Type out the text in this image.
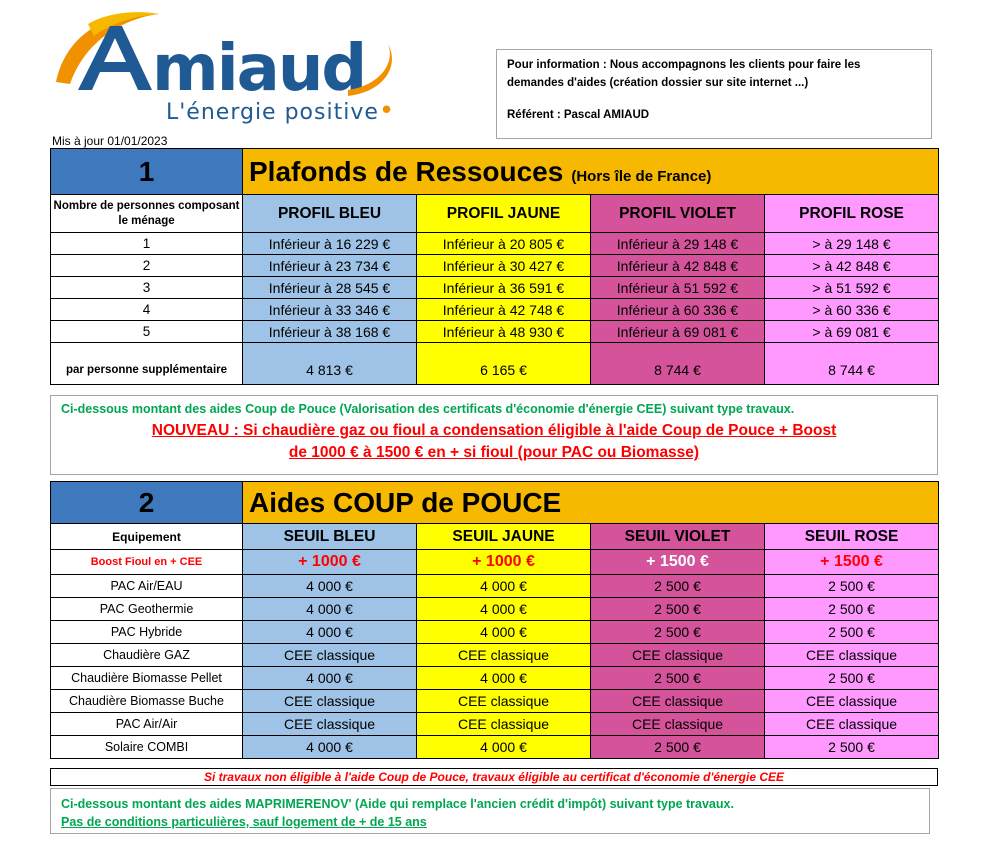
miaud
L'énergie positive•
Mis à jour 01/01/2023
Pour information : Nous accompagnons les clients pour faire les
demandes d'aides (création dossier sur site internet ...)
Référent : Pascal AMIAUD
1	Plafonds de Ressouces (Hors île de France)			
Nombre de personnes composant le ménage	PROFIL BLEU	PROFIL JAUNE	PROFIL VIOLET	PROFIL ROSE
1	Inférieur à 16 229 €	Inférieur à 20 805 €	Inférieur à 29 148 €	> à 29 148 €
2	Inférieur à 23 734 €	Inférieur à 30 427 €	Inférieur à 42 848 €	> à 42 848 €
3	Inférieur à 28 545 €	Inférieur à 36 591 €	Inférieur à 51 592 €	> à 51 592 €
4	Inférieur à 33 346 €	Inférieur à 42 748 €	Inférieur à 60 336 €	> à 60 336 €
5	Inférieur à 38 168 €	Inférieur à 48 930 €	Inférieur à 69 081 €	> à 69 081 €
par personne supplémentaire	4 813 €	6 165 €	8 744 €	8 744 €
Ci-dessous montant des aides Coup de Pouce (Valorisation des certificats d'économie d'énergie CEE) suivant type travaux.
NOUVEAU : Si chaudière gaz ou fioul a condensation éligible à l'aide Coup de Pouce + Boost
de 1000 € à 1500 € en + si fioul (pour PAC ou Biomasse)
2	Aides COUP de POUCE			
Equipement	SEUIL BLEU	SEUIL JAUNE	SEUIL VIOLET	SEUIL ROSE
Boost Fioul en + CEE	+ 1000 €	+ 1000 €	+ 1500 €	+ 1500 €
PAC Air/EAU	4 000 €	4 000 €	2 500 €	2 500 €
PAC Geothermie	4 000 €	4 000 €	2 500 €	2 500 €
PAC Hybride	4 000 €	4 000 €	2 500 €	2 500 €
Chaudière GAZ	CEE classique	CEE classique	CEE classique	CEE classique
Chaudière Biomasse Pellet	4 000 €	4 000 €	2 500 €	2 500 €
Chaudière Biomasse Buche	CEE classique	CEE classique	CEE classique	CEE classique
PAC Air/Air	CEE classique	CEE classique	CEE classique	CEE classique
Solaire COMBI	4 000 €	4 000 €	2 500 €	2 500 €
Si travaux non éligible à l'aide Coup de Pouce, travaux éligible au certificat d'économie d'énergie CEE
Ci-dessous montant des aides MAPRIMERENOV' (Aide qui remplace l'ancien crédit d'impôt) suivant type travaux.
Pas de conditions particulières, sauf logement de + de 15 ans
